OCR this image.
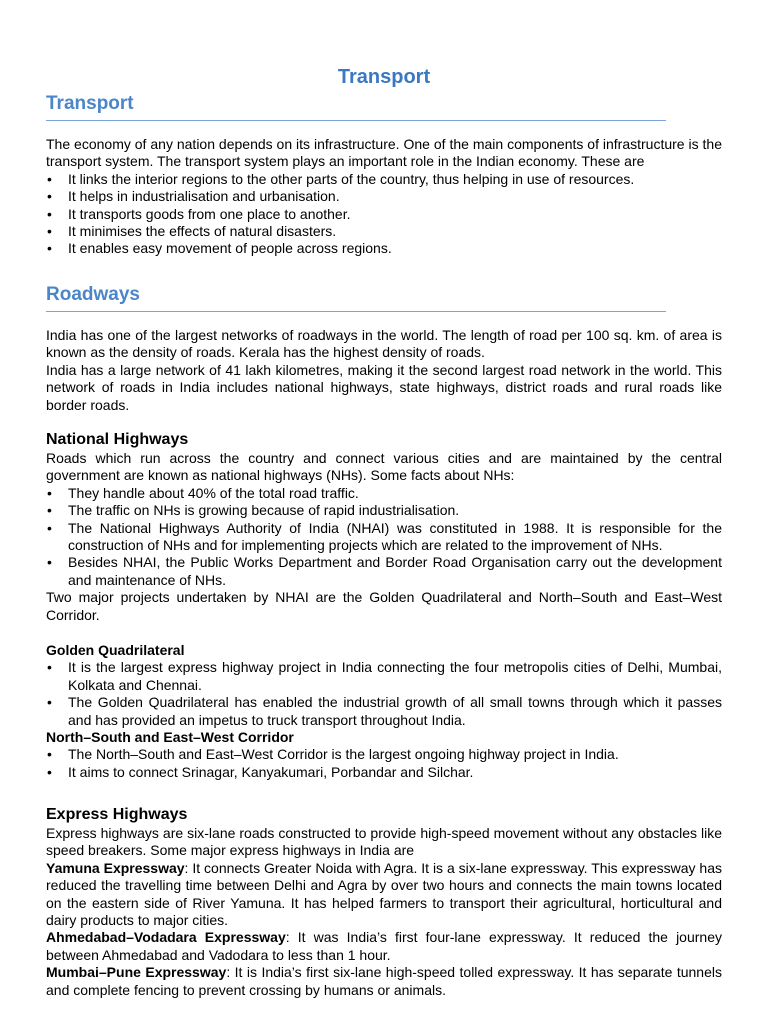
Transport
Transport

The economy of any nation depends on its infrastructure. One of the main components of infrastructure is the transport system. The transport system plays an important role in the Indian economy. These are

• It links the interior regions to the other parts of the country, thus helping in use of resources.
• It helps in industrialisation and urbanisation.
• It transports goods from one place to another.
• It minimises the effects of natural disasters.
• It enables easy movement of people across regions.
Roadways

India has one of the largest networks of roadways in the world. The length of road per 100 sq. km. of area is known as the density of roads. Kerala has the highest density of roads.

India has a large network of 41 lakh kilometres, making it the second largest road network in the world. This network of roads in India includes national highways, state highways, district roads and rural roads like border roads.

National Highways

Roads which run across the country and connect various cities and are maintained by the central government are known as national highways (NHs). Some facts about NHs:

• They handle about 40% of the total road traffic.
• The traffic on NHs is growing because of rapid industrialisation.
• The National Highways Authority of India (NHAI) was constituted in 1988. It is responsible for the construction of NHs and for implementing projects which are related to the improvement of NHs.
• Besides NHAI, the Public Works Department and Border Road Organisation carry out the development and maintenance of NHs.

Two major projects undertaken by NHAI are the Golden Quadrilateral and North–South and East–West Corridor.

Golden Quadrilateral
• It is the largest express highway project in India connecting the four metropolis cities of Delhi, Mumbai, Kolkata and Chennai.
• The Golden Quadrilateral has enabled the industrial growth of all small towns through which it passes and has provided an impetus to truck transport throughout India.
North–South and East–West Corridor
• The North–South and East–West Corridor is the largest ongoing highway project in India.
• It aims to connect Srinagar, Kanyakumari, Porbandar and Silchar.
Express Highways

Express highways are six-lane roads constructed to provide high-speed movement without any obstacles like speed breakers. Some major express highways in India are

Yamuna Expressway: It connects Greater Noida with Agra. It is a six-lane expressway. This expressway has reduced the travelling time between Delhi and Agra by over two hours and connects the main towns located on the eastern side of River Yamuna. It has helped farmers to transport their agricultural, horticultural and dairy products to major cities.

Ahmedabad–Vodadara Expressway: It was India’s first four-lane expressway. It reduced the journey between Ahmedabad and Vadodara to less than 1 hour.

Mumbai–Pune Expressway: It is India’s first six-lane high-speed tolled expressway. It has separate tunnels and complete fencing to prevent crossing by humans or animals.
